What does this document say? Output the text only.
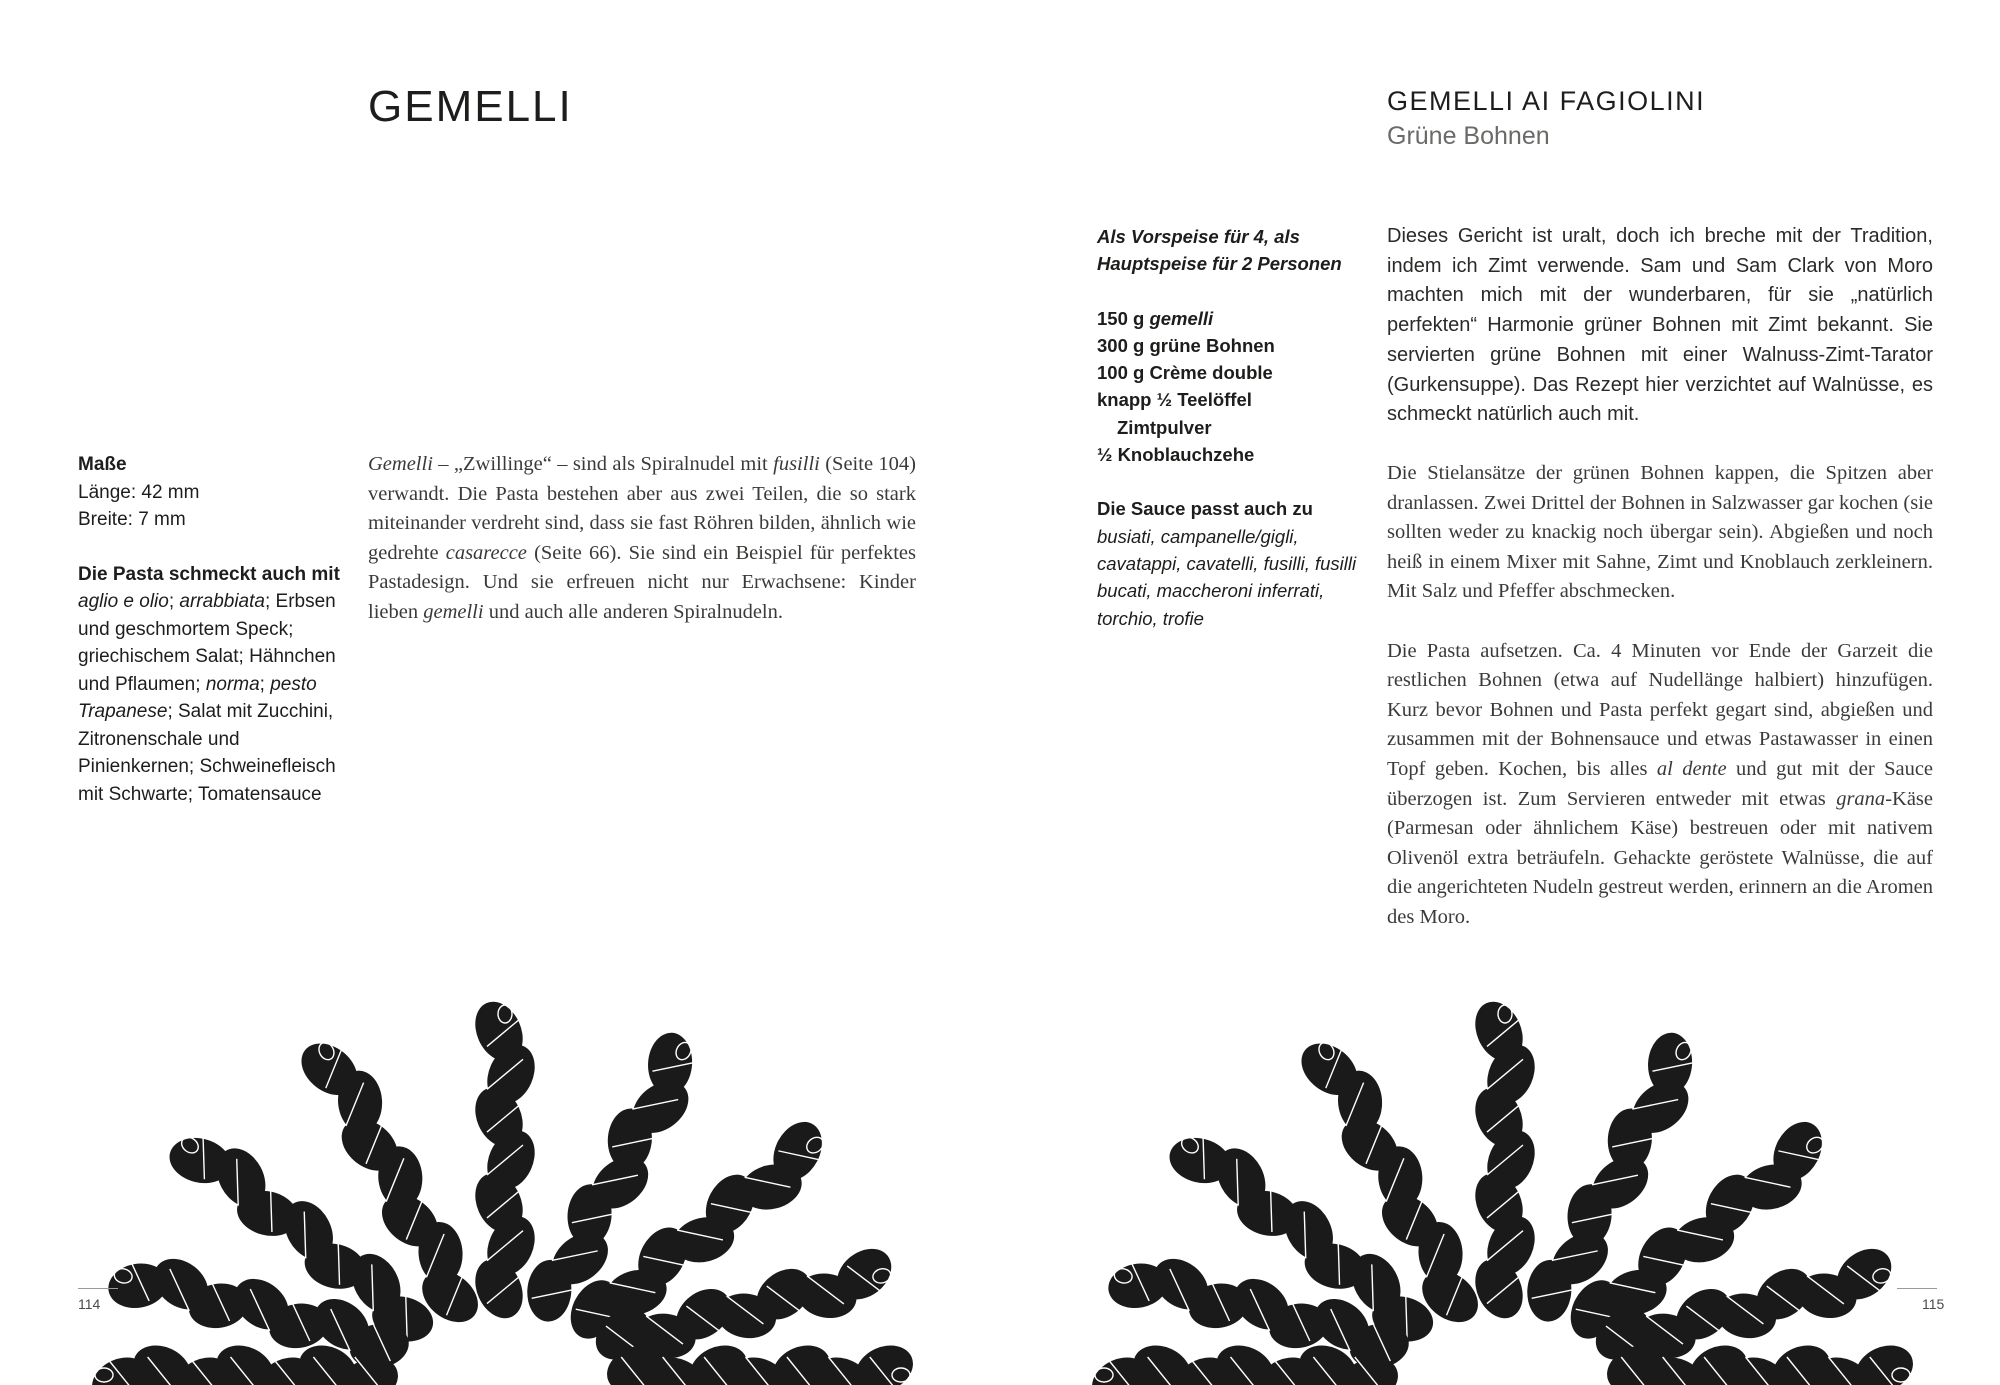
GEMELLI

Maße

Länge: 42 mm

Breite: 7 mm

Die Pasta schmeckt auch mit

aglio e olio; arrabbiata; Erbsen und geschmortem Speck; griechischem Salat; Hähnchen und Pflaumen; norma; pesto Trapanese; Salat mit Zucchini, Zitronenschale und Pinienkernen; Schweinefleisch mit Schwarte; Tomatensauce

Gemelli – „Zwillinge“ – sind als Spiralnudel mit fusilli (Seite 104) verwandt. Die Pasta bestehen aber aus zwei Teilen, die so stark miteinander verdreht sind, dass sie fast Röhren bilden, ähnlich wie gedrehte casarecce (Seite 66). Sie sind ein Beispiel für perfektes Pastadesign. Und sie erfreuen nicht nur Erwachsene: Kinder lieben gemelli und auch alle anderen Spiralnudeln.

114
GEMELLI AI FAGIOLINI

Grüne Bohnen

Als Vorspeise für 4, als

Hauptspeise für 2 Personen

150 g gemelli

300 g grüne Bohnen

100 g Crème double

knapp ½ Teelöffel

Zimtpulver

½ Knoblauchzehe

Die Sauce passt auch zu

busiati, campanelle/gigli, cavatappi, cavatelli, fusilli, fusilli bucati, maccheroni inferrati, torchio, trofie

Dieses Gericht ist uralt, doch ich breche mit der Tradition, indem ich Zimt verwende. Sam und Sam Clark von Moro machten mich mit der wunderbaren, für sie „natürlich perfekten“ Harmonie grüner Bohnen mit Zimt bekannt. Sie servierten grüne Bohnen mit einer Walnuss-Zimt-Tarator (Gurkensuppe). Das Rezept hier verzichtet auf Walnüsse, es schmeckt natürlich auch mit.

Die Stielansätze der grünen Bohnen kappen, die Spitzen aber dranlassen. Zwei Drittel der Bohnen in Salzwasser gar kochen (sie sollten weder zu knackig noch übergar sein). Abgießen und noch heiß in einem Mixer mit Sahne, Zimt und Knoblauch zerkleinern. Mit Salz und Pfeffer abschmecken.

Die Pasta aufsetzen. Ca. 4 Minuten vor Ende der Garzeit die restlichen Bohnen (etwa auf Nudellänge halbiert) hinzufügen. Kurz bevor Bohnen und Pasta perfekt gegart sind, abgießen und zusammen mit der Bohnensauce und etwas Pastawasser in einen Topf geben. Kochen, bis alles al dente und gut mit der Sauce überzogen ist. Zum Servieren entweder mit etwas grana-Käse (Parmesan oder ähnlichem Käse) bestreuen oder mit nativem Olivenöl extra beträufeln. Gehackte geröstete Walnüsse, die auf die angerichteten Nudeln gestreut werden, erinnern an die Aromen des Moro.

115
